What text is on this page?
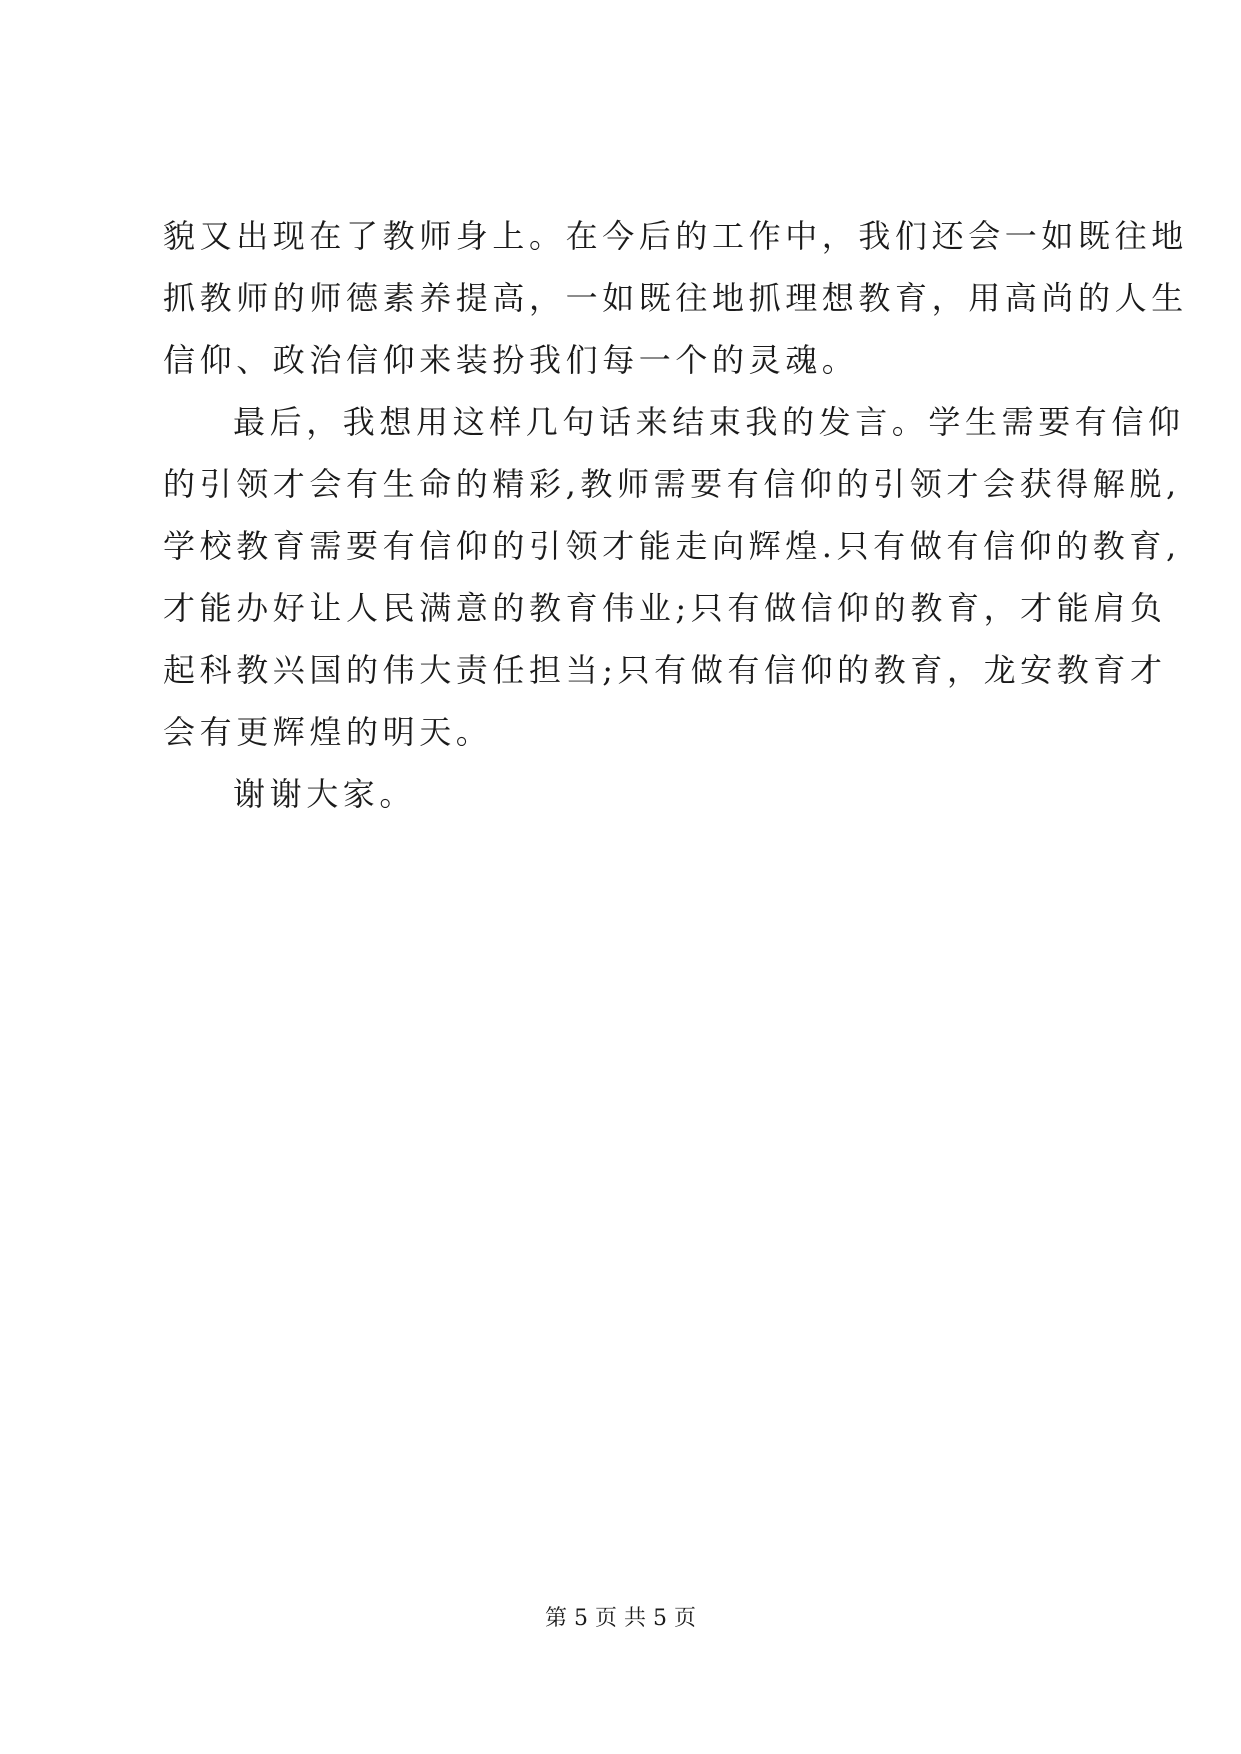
貌又出现在了教师身上。在今后的工作中，我们还会一如既往地
抓教师的师德素养提高，一如既往地抓理想教育，用高尚的人生
信仰、政治信仰来装扮我们每一个的灵魂。
最后，我想用这样几句话来结束我的发言。学生需要有信仰
的引领才会有生命的精彩,教师需要有信仰的引领才会获得解脱,
学校教育需要有信仰的引领才能走向辉煌.只有做有信仰的教育,
才能办好让人民满意的教育伟业;只有做信仰的教育，才能肩负
起科教兴国的伟大责任担当;只有做有信仰的教育，龙安教育才
会有更辉煌的明天。
谢谢大家。
第 5 页 共 5 页
